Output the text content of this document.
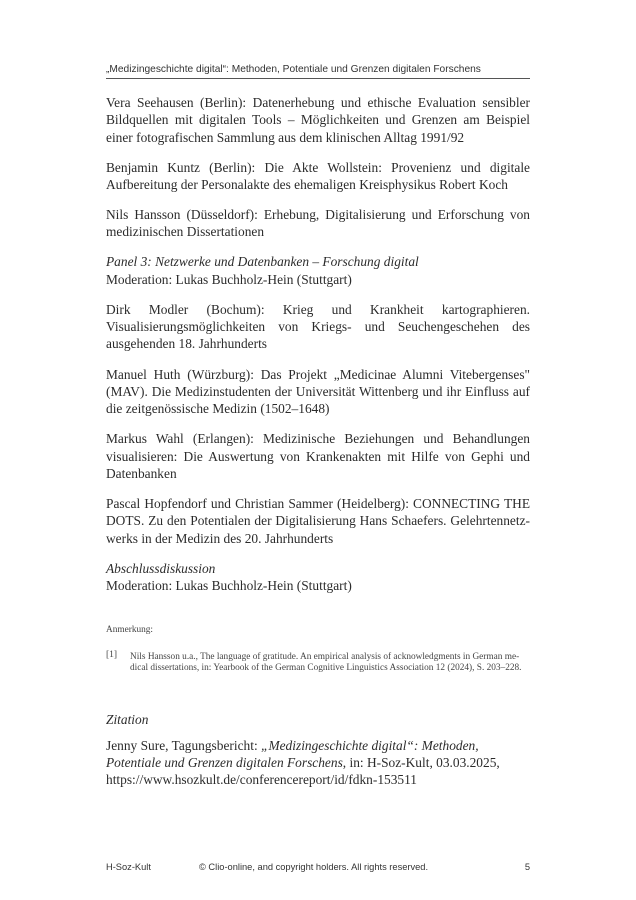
„Medizingeschichte digital“: Methoden, Potentiale und Grenzen digitalen Forschens

Vera Seehausen (Berlin): Datenerhebung und ethische Evaluation sensibler Bildquellen mit digitalen Tools – Möglichkeiten und Grenzen am Beispiel einer fotografischen Sammlung aus dem klinischen Alltag 1991/92

Benjamin Kuntz (Berlin): Die Akte Wollstein: Provenienz und digitale Aufbereitung der Personalakte des ehemaligen Kreisphysikus Robert Koch

Nils Hansson (Düsseldorf): Erhebung, Digitalisierung und Erforschung von medizinischen Dissertationen

Panel 3: Netzwerke und Datenbanken – Forschung digital
Moderation: Lukas Buchholz-Hein (Stuttgart)

Dirk Modler (Bochum): Krieg und Krankheit kartographieren. Visualisierungsmöglichkeiten von Kriegs- und Seuchengeschehen des ausgehenden 18. Jahrhunderts

Manuel Huth (Würzburg): Das Projekt „Medicinae Alumni Vitebergenses" (MAV). Die Medizinstudenten der Universität Wittenberg und ihr Einfluss auf die zeitgenössische Medizin (1502–1648)

Markus Wahl (Erlangen): Medizinische Beziehungen und Behandlungen visualisieren: Die Auswertung von Krankenakten mit Hilfe von Gephi und Datenbanken

Pascal Hopfendorf und Christian Sammer (Heidelberg): CONNECTING THE DOTS. Zu den Potentialen der Digitalisierung Hans Schaefers. Gelehrtennetzwerks in der Medizin des 20. Jahrhunderts

Abschlussdiskussion
Moderation: Lukas Buchholz-Hein (Stuttgart)
Anmerkung:
[1]	Nils Hansson u.a., The language of gratitude. An empirical analysis of acknowledgments in German medical dissertations, in: Yearbook of the German Cognitive Linguistics Association 12 (2024), S. 203–228.
Zitation
Jenny Sure, Tagungsbericht: „Medizingeschichte digital“: Methoden, Potentiale und Grenzen digitalen Forschens, in: H-Soz-Kult, 03.03.2025,
https://www.hsozkult.de/conferencereport/id/fdkn-153511
H-Soz-Kult	© Clio-online, and copyright holders. All rights reserved.	5
